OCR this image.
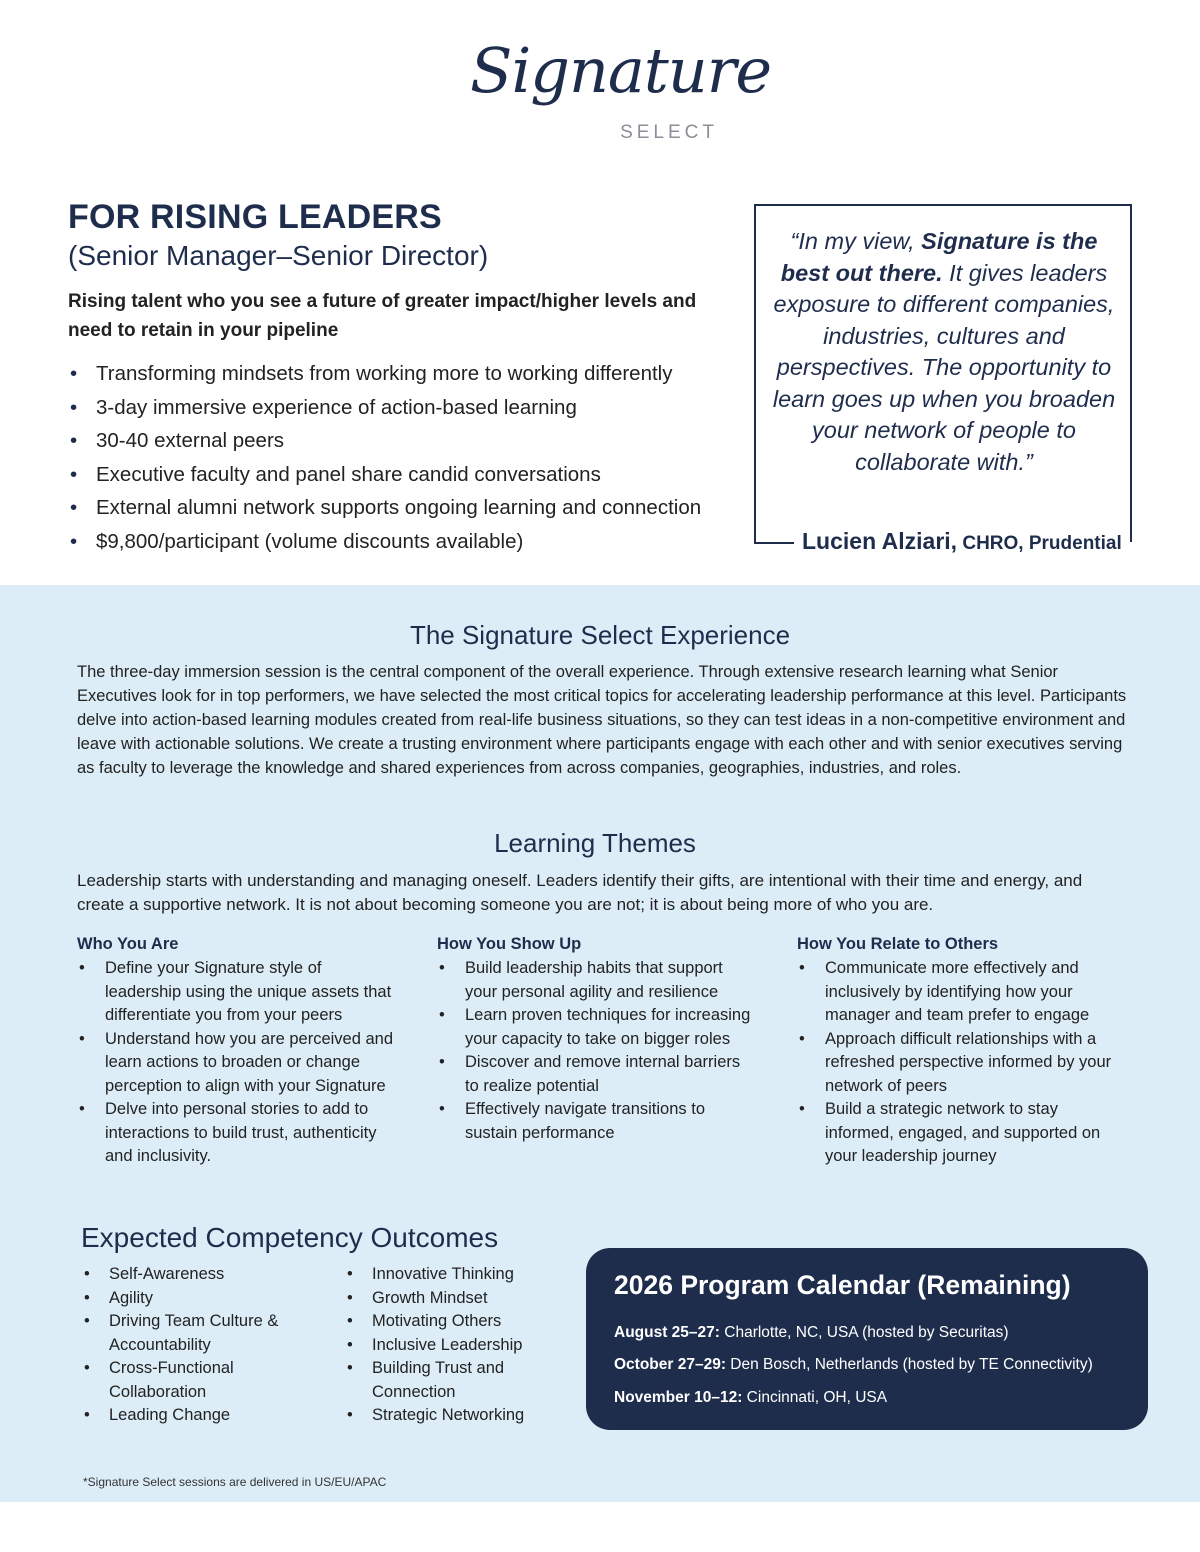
Signature
SELECT
FOR RISING LEADERS

(Senior Manager–Senior Director)

Rising talent who you see a future of greater impact/higher levels and need to retain in your pipeline

• Transforming mindsets from working more to working differently
• 3-day immersive experience of action-based learning
• 30-40 external peers
• Executive faculty and panel share candid conversations
• External alumni network supports ongoing learning and connection
• $9,800/participant (volume discounts available)

“In my view, Signature is the best out there. It gives leaders exposure to different companies, industries, cultures and perspectives. The opportunity to learn goes up when you broaden your network of people to collaborate with.”

Lucien Alziari, CHRO, Prudential

The Signature Select Experience

The three-day immersion session is the central component of the overall experience. Through extensive research learning what Senior Executives look for in top performers, we have selected the most critical topics for accelerating leadership performance at this level. Participants delve into action-based learning modules created from real-life business situations, so they can test ideas in a non-competitive environment and leave with actionable solutions. We create a trusting environment where participants engage with each other and with senior executives serving as faculty to leverage the knowledge and shared experiences from across companies, geographies, industries, and roles.

Learning Themes

Leadership starts with understanding and managing oneself. Leaders identify their gifts, are intentional with their time and energy, and create a supportive network. It is not about becoming someone you are not; it is about being more of who you are.

Who You Are
• Define your Signature style of leadership using the unique assets that differentiate you from your peers
• Understand how you are perceived and learn actions to broaden or change perception to align with your Signature
• Delve into personal stories to add to interactions to build trust, authenticity and inclusivity.
How You Show Up
• Build leadership habits that support your personal agility and resilience
• Learn proven techniques for increasing your capacity to take on bigger roles
• Discover and remove internal barriers to realize potential
• Effectively navigate transitions to sustain performance
How You Relate to Others
• Communicate more effectively and inclusively by identifying how your manager and team prefer to engage
• Approach difficult relationships with a refreshed perspective informed by your network of peers
• Build a strategic network to stay informed, engaged, and supported on your leadership journey
Expected Competency Outcomes
• Self-Awareness
• Agility
• Driving Team Culture & Accountability
• Cross-Functional Collaboration
• Leading Change
• Innovative Thinking
• Growth Mindset
• Motivating Others
• Inclusive Leadership
• Building Trust and Connection
• Strategic Networking
2026 Program Calendar (Remaining)

August 25–27: Charlotte, NC, USA (hosted by Securitas)

October 27–29: Den Bosch, Netherlands (hosted by TE Connectivity)

November 10–12: Cincinnati, OH, USA

*Signature Select sessions are delivered in US/EU/APAC
